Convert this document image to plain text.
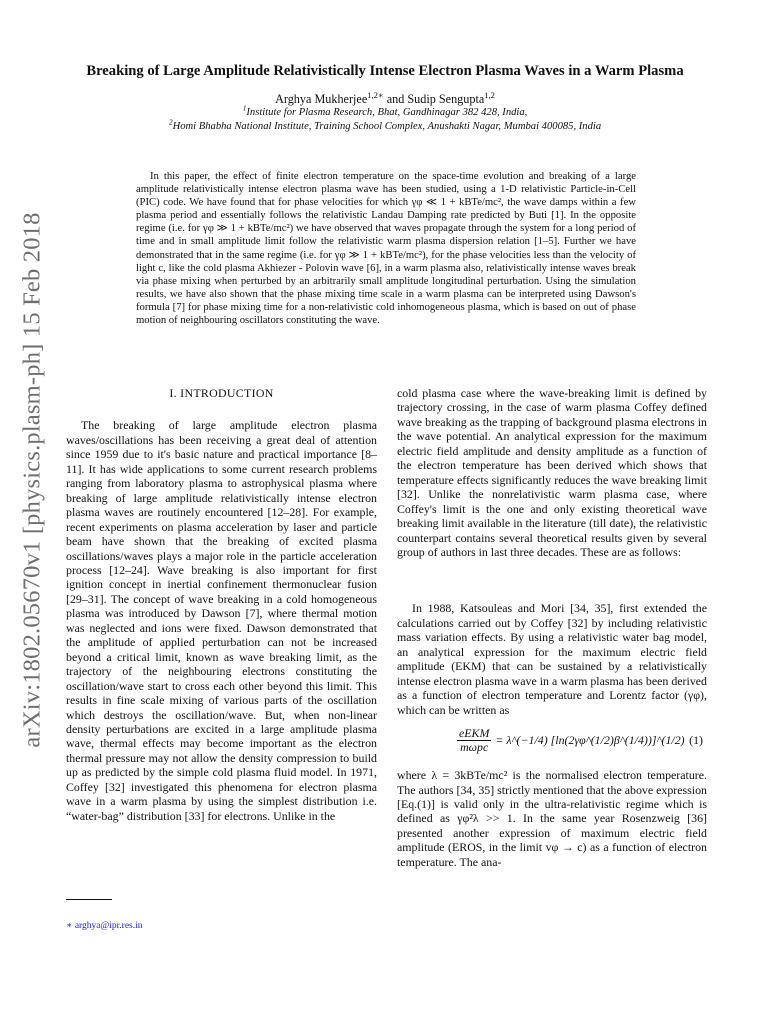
arXiv:1802.05670v1 [physics.plasm-ph] 15 Feb 2018
Breaking of Large Amplitude Relativistically Intense Electron Plasma Waves in a Warm Plasma
Arghya Mukherjee$^{1,2∗}$ and Sudip Sengupta$^{1,2}$
$^1$Institute for Plasma Research, Bhat, Gandhinagar 382 428, India,
$^2$Homi Bhabha National Institute, Training School Complex, Anushakti Nagar, Mumbai 400085, India
In this paper, the effect of finite electron temperature on the space-time evolution and breaking of a large amplitude relativistically intense electron plasma wave has been studied, using a 1-D relativistic Particle-in-Cell (PIC) code. We have found that for phase velocities for which γφ ≪ 1 + kBTe/mc², the wave damps within a few plasma period and essentially follows the relativistic Landau Damping rate predicted by Buti [1]. In the opposite regime (i.e. for γφ ≫ 1 + kBTe/mc²) we have observed that waves propagate through the system for a long period of time and in small amplitude limit follow the relativistic warm plasma dispersion relation [1–5]. Further we have demonstrated that in the same regime (i.e. for γφ ≫ 1 + kBTe/mc²), for the phase velocities less than the velocity of light c, like the cold plasma Akhiezer - Polovin wave [6], in a warm plasma also, relativistically intense waves break via phase mixing when perturbed by an arbitrarily small amplitude longitudinal perturbation. Using the simulation results, we have also shown that the phase mixing time scale in a warm plasma can be interpreted using Dawson's formula [7] for phase mixing time for a non-relativistic cold inhomogeneous plasma, which is based on out of phase motion of neighbouring oscillators constituting the wave.
I. INTRODUCTION

The breaking of large amplitude electron plasma waves/oscillations has been receiving a great deal of attention since 1959 due to it's basic nature and practical importance [8–11]. It has wide applications to some current research problems ranging from laboratory plasma to astrophysical plasma where breaking of large amplitude relativistically intense electron plasma waves are routinely encountered [12–28]. For example, recent experiments on plasma acceleration by laser and particle beam have shown that the breaking of excited plasma oscillations/waves plays a major role in the particle acceleration process [12–24]. Wave breaking is also important for first ignition concept in inertial confinement thermonuclear fusion [29–31]. The concept of wave breaking in a cold homogeneous plasma was introduced by Dawson [7], where thermal motion was neglected and ions were fixed. Dawson demonstrated that the amplitude of applied perturbation can not be increased beyond a critical limit, known as wave breaking limit, as the trajectory of the neighbouring electrons constituting the oscillation/wave start to cross each other beyond this limit. This results in fine scale mixing of various parts of the oscillation which destroys the oscillation/wave. But, when non-linear density perturbations are excited in a large amplitude plasma wave, thermal effects may become important as the electron thermal pressure may not allow the density compression to build up as predicted by the simple cold plasma fluid model. In 1971, Coffey [32] investigated this phenomena for electron plasma wave in a warm plasma by using the simplest distribution i.e. “water-bag” distribution [33] for electrons. Unlike in the

cold plasma case where the wave-breaking limit is defined by trajectory crossing, in the case of warm plasma Coffey defined wave breaking as the trapping of background plasma electrons in the wave potential. An analytical expression for the maximum electric field amplitude and density amplitude as a function of the electron temperature has been derived which shows that temperature effects significantly reduces the wave breaking limit [32]. Unlike the nonrelativistic warm plasma case, where Coffey's limit is the one and only existing theoretical wave breaking limit available in the literature (till date), the relativistic counterpart contains several theoretical results given by several group of authors in last three decades. These are as follows:

In 1988, Katsouleas and Mori [34, 35], first extended the calculations carried out by Coffey [32] by including relativistic mass variation effects. By using a relativistic water bag model, an analytical expression for the maximum electric field amplitude (EKM) that can be sustained by a relativistically intense electron plasma wave in a warm plasma has been derived as a function of electron temperature and Lorentz factor (γφ), which can be written as

$\frac{\text{eEKM}}{\text{mωpc}}$ = λ^(−1/4) [ln(2γφ^(1/2)β^(1/4))]^(1/2) (1)

where λ = 3kBTe/mc² is the normalised electron temperature. The authors [34, 35] strictly mentioned that the above expression [Eq.(1)] is valid only in the ultra-relativistic regime which is defined as γφ²λ >> 1. In the same year Rosenzweig [36] presented another expression of maximum electric field amplitude (EROS, in the limit vφ → c) as a function of electron temperature. The ana-

∗ arghya@ipr.res.in
